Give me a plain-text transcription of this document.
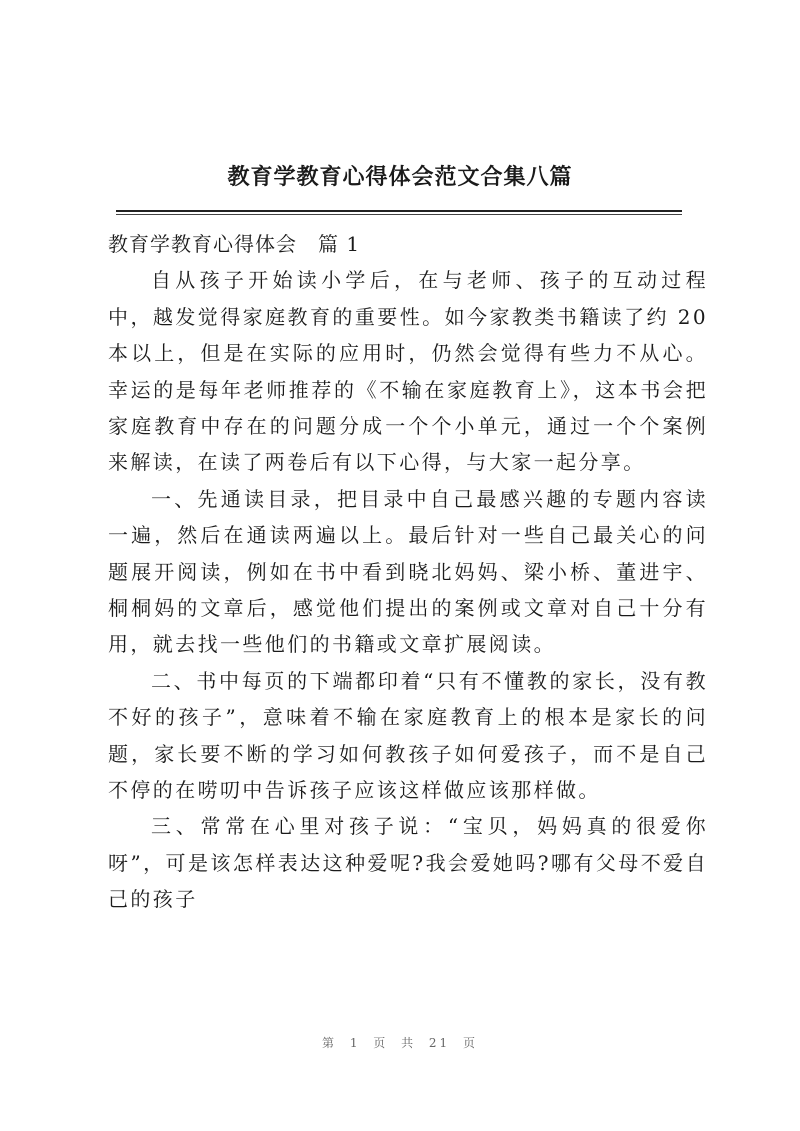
教育学教育心得体会范文合集八篇

教育学教育心得体会　篇 1

自从孩子开始读小学后，在与老师、孩子的互动过程中，越发觉得家庭教育的重要性。如今家教类书籍读了约 20 本以上，但是在实际的应用时，仍然会觉得有些力不从心。幸运的是每年老师推荐的《不输在家庭教育上》，这本书会把家庭教育中存在的问题分成一个个小单元，通过一个个案例来解读，在读了两卷后有以下心得，与大家一起分享。

一、先通读目录，把目录中自己最感兴趣的专题内容读一遍，然后在通读两遍以上。最后针对一些自己最关心的问题展开阅读，例如在书中看到晓北妈妈、梁小桥、董进宇、桐桐妈的文章后，感觉他们提出的案例或文章对自己十分有用，就去找一些他们的书籍或文章扩展阅读。

二、书中每页的下端都印着“只有不懂教的家长，没有教不好的孩子”，意味着不输在家庭教育上的根本是家长的问题，家长要不断的学习如何教孩子如何爱孩子，而不是自己不停的在唠叨中告诉孩子应该这样做应该那样做。

三、常常在心里对孩子说：“宝贝，妈妈真的很爱你呀”，可是该怎样表达这种爱呢?我会爱她吗?哪有父母不爱自己的孩子

第 1 页 共 21 页
